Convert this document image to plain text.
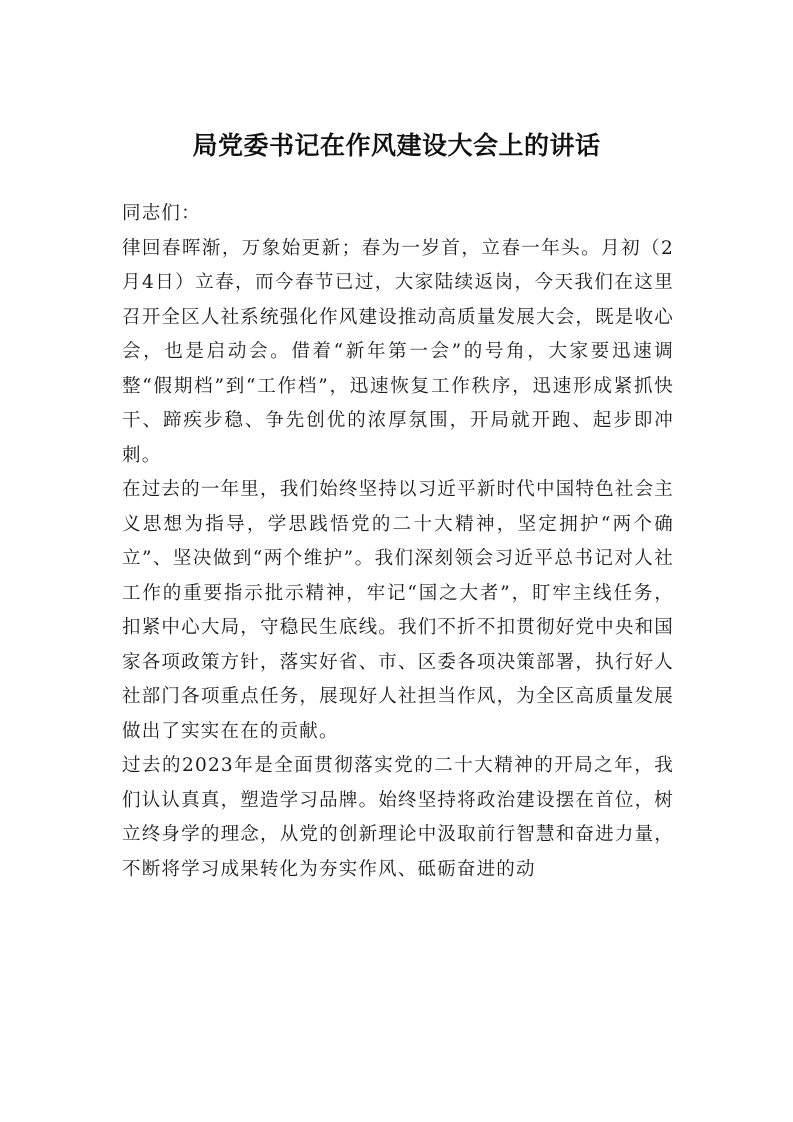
局党委书记在作风建设大会上的讲话

同志们：

律回春晖渐，万象始更新；春为一岁首，立春一年头。月初（2月4日）立春，而今春节已过，大家陆续返岗，今天我们在这里召开全区人社系统强化作风建设推动高质量发展大会，既是收心会，也是启动会。借着“新年第一会”的号角，大家要迅速调整“假期档”到“工作档”，迅速恢复工作秩序，迅速形成紧抓快干、蹄疾步稳、争先创优的浓厚氛围，开局就开跑、起步即冲刺。

在过去的一年里，我们始终坚持以习近平新时代中国特色社会主义思想为指导，学思践悟党的二十大精神，坚定拥护“两个确立”、坚决做到“两个维护”。我们深刻领会习近平总书记对人社工作的重要指示批示精神，牢记“国之大者”，盯牢主线任务，扣紧中心大局，守稳民生底线。我们不折不扣贯彻好党中央和国家各项政策方针，落实好省、市、区委各项决策部署，执行好人社部门各项重点任务，展现好人社担当作风，为全区高质量发展做出了实实在在的贡献。

过去的2023年是全面贯彻落实党的二十大精神的开局之年，我们认认真真，塑造学习品牌。始终坚持将政治建设摆在首位，树立终身学的理念，从党的创新理论中汲取前行智慧和奋进力量，不断将学习成果转化为夯实作风、砥砺奋进的动
